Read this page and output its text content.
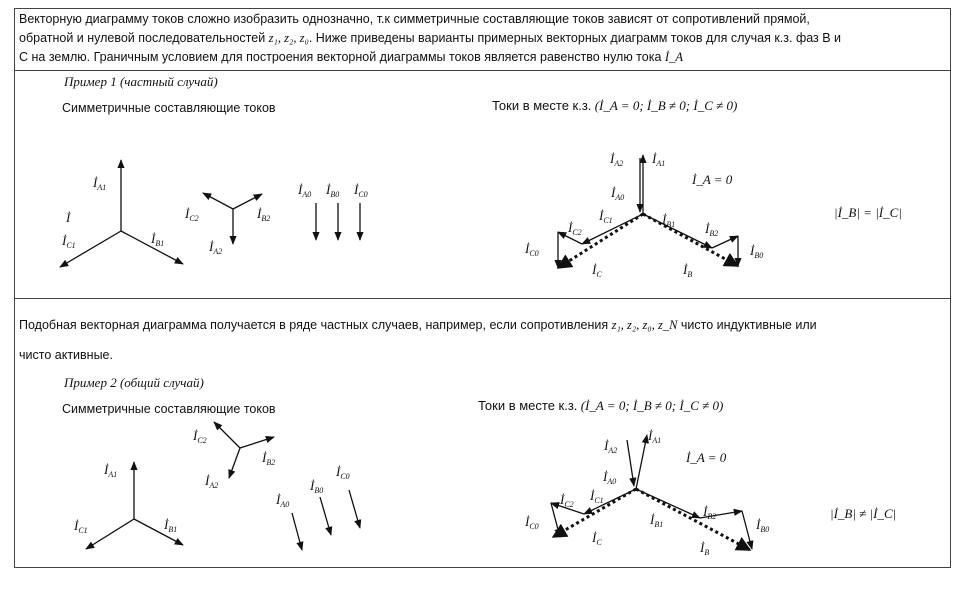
Векторную диаграмму токов сложно изобразить однозначно, т.к симметричные составляющие токов зависят от сопротивлений прямой,
обратной и нулевой последовательностей z₁, z₂, z₀. Ниже приведены варианты примерных векторных диаграмм токов для случая к.з. фаз B и
C на землю. Граничным условием для построения векторной диаграммы токов является равенство нулю тока İ_A
Пример 1 (частный случай)
Симметричные составляющие токов	Токи в месте к.з. (İ_A = 0; İ_B ≠ 0; İ_C ≠ 0)
İ_A = 0
|İ_B| = |İ_C|
Подобная векторная диаграмма получается в ряде частных случаев, например, если сопротивления z₁, z₂, z₀, z_N чисто индуктивные или
чисто активные.
Пример 2 (общий случай)
Симметричные составляющие токов	Токи в месте к.з. (İ_A = 0; İ_B ≠ 0; İ_C ≠ 0)
İ_A = 0
|İ_B| ≠ |İ_C|
$İ_{A1}$
İ
$İ_{C1}$	$İ_{B1}$
$İ_{C2}$	$İ_{B2}$
$İ_{A2}$
$İ_{A0}$ $İ_{B0}$ $İ_{C0}$
$İ_{A2}$ $İ_{A1}$
$İ_{A0}$
$İ_{C1}$
$İ_{C2}$
$İ_{C0}$
$İ_C$
$İ_{B1}$ $İ_{B2}$
$İ_{B0}$
$İ_B$
$İ_{A1}$
$İ_{C1}$	$İ_{B1}$
$İ_{C2}$
$İ_{B2}$
$İ_{A2}$
$İ_{A0}$
$İ_{B0}$
$İ_{C0}$
$İ_{A1}$
$İ_{A2}$
$İ_{A0}$
$İ_{C1}$
$İ_{C2}$
$İ_{C0}$
$İ_C$
$İ_{B1}$
$İ_{B2}$
$İ_{B0}$
$İ_B$
